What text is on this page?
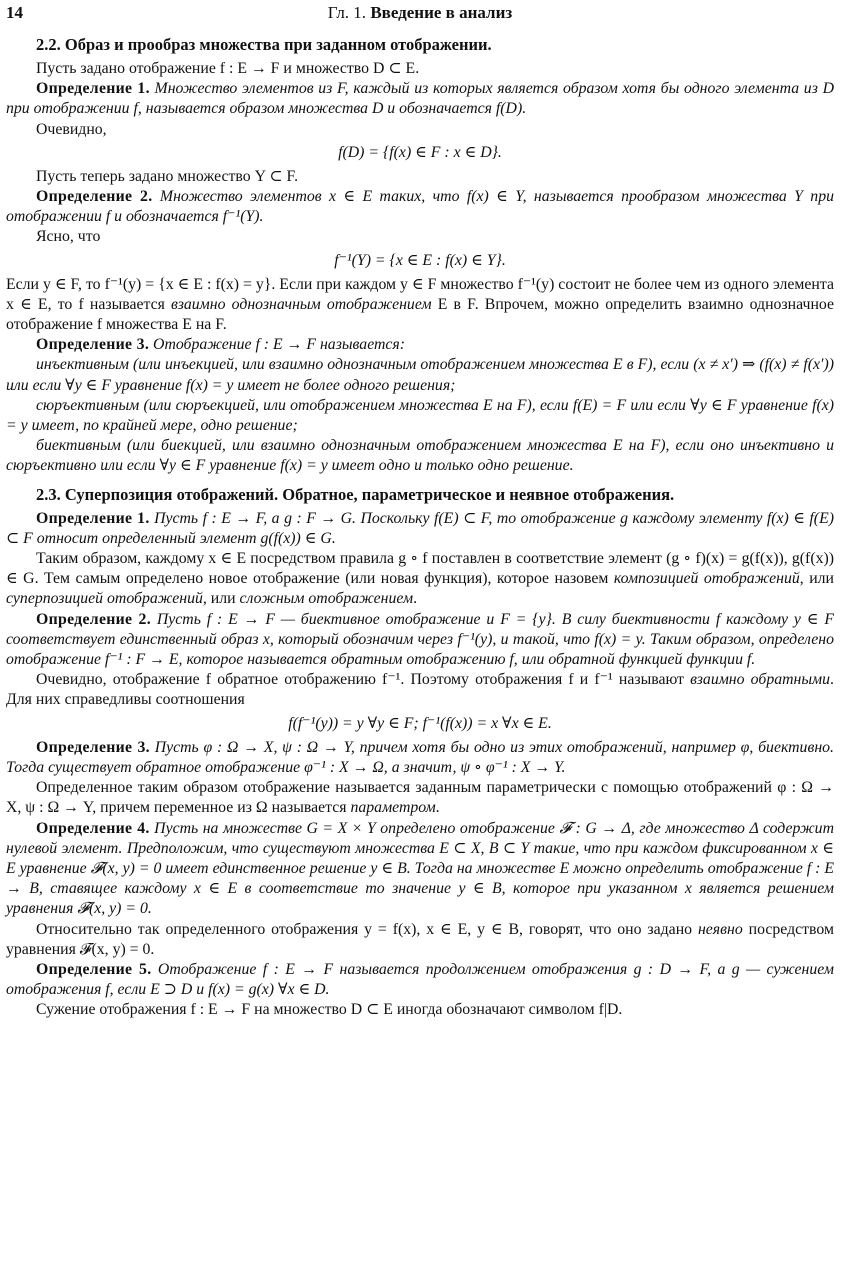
14	Гл. 1. Введение в анализ
2.2. Образ и прообраз множества при заданном отображении.

Пусть задано отображение f : E → F и множество D ⊂ E.

Определение 1. Множество элементов из F, каждый из которых является образом хотя бы одного элемента из D при отображении f, называется образом множества D и обозначается f(D).

Очевидно,

f(D) = {f(x) ∈ F : x ∈ D}.

Пусть теперь задано множество Y ⊂ F.

Определение 2. Множество элементов x ∈ E таких, что f(x) ∈ Y, называется прообразом множества Y при отображении f и обозначается f⁻¹(Y).

Ясно, что

f⁻¹(Y) = {x ∈ E : f(x) ∈ Y}.

Если y ∈ F, то f⁻¹(y) = {x ∈ E : f(x) = y}. Если при каждом y ∈ F множество f⁻¹(y) состоит не более чем из одного элемента x ∈ E, то f называется взаимно однозначным отображением E в F. Впрочем, можно определить взаимно однозначное отображение f множества E на F.

Определение 3. Отображение f : E → F называется:

инъективным (или инъекцией, или взаимно однозначным отображением множества E в F), если (x ≠ x′) ⇒ (f(x) ≠ f(x′)) или если ∀y ∈ F уравнение f(x) = y имеет не более одного решения;

сюръективным (или сюръекцией, или отображением множества E на F), если f(E) = F или если ∀y ∈ F уравнение f(x) = y имеет, по крайней мере, одно решение;

биективным (или биекцией, или взаимно однозначным отображением множества E на F), если оно инъективно и сюръективно или если ∀y ∈ F уравнение f(x) = y имеет одно и только одно решение.

2.3. Суперпозиция отображений. Обратное, параметрическое и неявное отображения.

Определение 1. Пусть f : E → F, а g : F → G. Поскольку f(E) ⊂ F, то отображение g каждому элементу f(x) ∈ f(E) ⊂ F относит определенный элемент g(f(x)) ∈ G.

Таким образом, каждому x ∈ E посредством правила g ∘ f поставлен в соответствие элемент (g ∘ f)(x) = g(f(x)), g(f(x)) ∈ G. Тем самым определено новое отображение (или новая функция), которое назовем композицией отображений, или суперпозицией отображений, или сложным отображением.

Определение 2. Пусть f : E → F — биективное отображение и F = {y}. В силу биективности f каждому y ∈ F соответствует единственный образ x, который обозначим через f⁻¹(y), и такой, что f(x) = y. Таким образом, определено отображение f⁻¹ : F → E, которое называется обратным отображению f, или обратной функцией функции f.

Очевидно, отображение f обратное отображению f⁻¹. Поэтому отображения f и f⁻¹ называют взаимно обратными. Для них справедливы соотношения

f(f⁻¹(y)) = y ∀y ∈ F; f⁻¹(f(x)) = x ∀x ∈ E.

Определение 3. Пусть φ : Ω → X, ψ : Ω → Y, причем хотя бы одно из этих отображений, например φ, биективно. Тогда существует обратное отображение φ⁻¹ : X → Ω, а значит, ψ ∘ φ⁻¹ : X → Y.

Определенное таким образом отображение называется заданным параметрически с помощью отображений φ : Ω → X, ψ : Ω → Y, причем переменное из Ω называется параметром.

Определение 4. Пусть на множестве G = X × Y определено отображение 𝓕 : G → Δ, где множество Δ содержит нулевой элемент. Предположим, что существуют множества E ⊂ X, B ⊂ Y такие, что при каждом фиксированном x ∈ E уравнение 𝓕(x, y) = 0 имеет единственное решение y ∈ B. Тогда на множестве E можно определить отображение f : E → B, ставящее каждому x ∈ E в соответствие то значение y ∈ B, которое при указанном x является решением уравнения 𝓕(x, y) = 0.

Относительно так определенного отображения y = f(x), x ∈ E, y ∈ B, говорят, что оно задано неявно посредством уравнения 𝓕(x, y) = 0.

Определение 5. Отображение f : E → F называется продолжением отображения g : D → F, а g — сужением отображения f, если E ⊃ D и f(x) = g(x) ∀x ∈ D.

Сужение отображения f : E → F на множество D ⊂ E иногда обозначают символом f|D.
